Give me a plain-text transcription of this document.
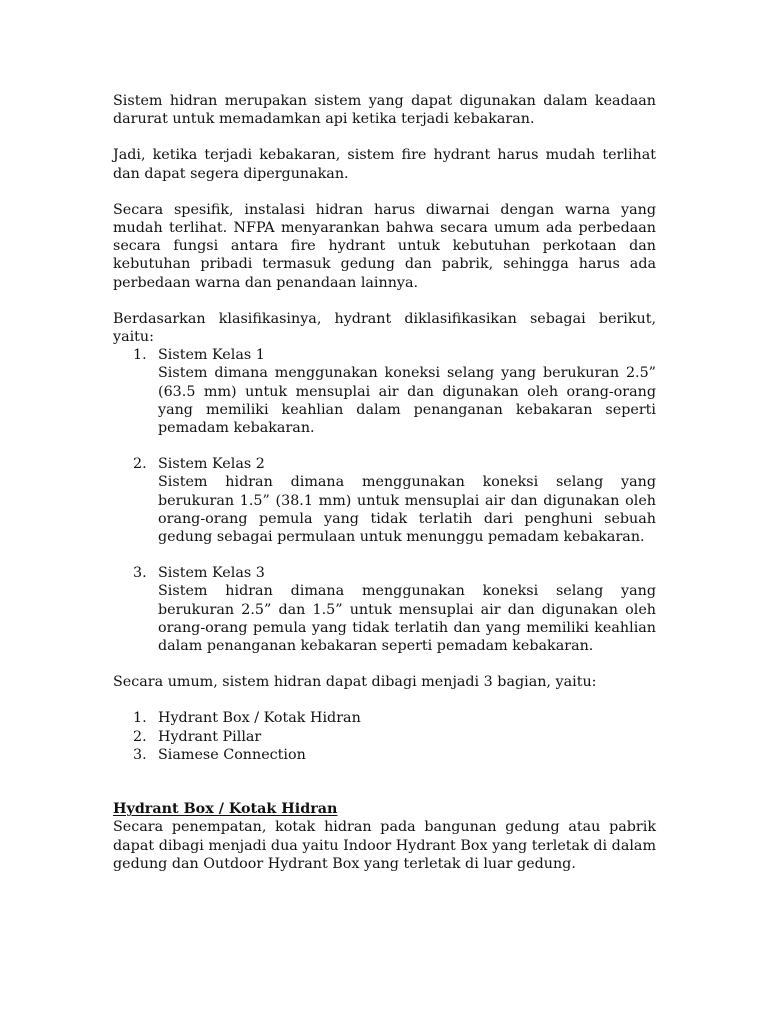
Sistem hidran merupakan sistem yang dapat digunakan dalam keadaan darurat untuk memadamkan api ketika terjadi kebakaran.

Jadi, ketika terjadi kebakaran, sistem fire hydrant harus mudah terlihat dan dapat segera dipergunakan.

Secara spesifik, instalasi hidran harus diwarnai dengan warna yang mudah terlihat. NFPA menyarankan bahwa secara umum ada perbedaan secara fungsi antara fire hydrant untuk kebutuhan perkotaan dan kebutuhan pribadi termasuk gedung dan pabrik, sehingga harus ada perbedaan warna dan penandaan lainnya.

Berdasarkan klasifikasinya, hydrant diklasifikasikan sebagai berikut, yaitu:

1. Sistem Kelas 1
Sistem dimana menggunakan koneksi selang yang berukuran 2.5” (63.5 mm) untuk mensuplai air dan digunakan oleh orang-orang yang memiliki keahlian dalam penanganan kebakaran seperti pemadam kebakaran.
2. Sistem Kelas 2
Sistem hidran dimana menggunakan koneksi selang yang berukuran 1.5” (38.1 mm) untuk mensuplai air dan digunakan oleh orang-orang pemula yang tidak terlatih dari penghuni sebuah gedung sebagai permulaan untuk menunggu pemadam kebakaran.
3. Sistem Kelas 3
Sistem hidran dimana menggunakan koneksi selang yang berukuran 2.5” dan 1.5” untuk mensuplai air dan digunakan oleh orang-orang pemula yang tidak terlatih dan yang memiliki keahlian dalam penanganan kebakaran seperti pemadam kebakaran.

Secara umum, sistem hidran dapat dibagi menjadi 3 bagian, yaitu:

1. Hydrant Box / Kotak Hidran
2. Hydrant Pillar
3. Siamese Connection

Hydrant Box / Kotak Hidran

Secara penempatan, kotak hidran pada bangunan gedung atau pabrik dapat dibagi menjadi dua yaitu Indoor Hydrant Box yang terletak di dalam gedung dan Outdoor Hydrant Box yang terletak di luar gedung.
